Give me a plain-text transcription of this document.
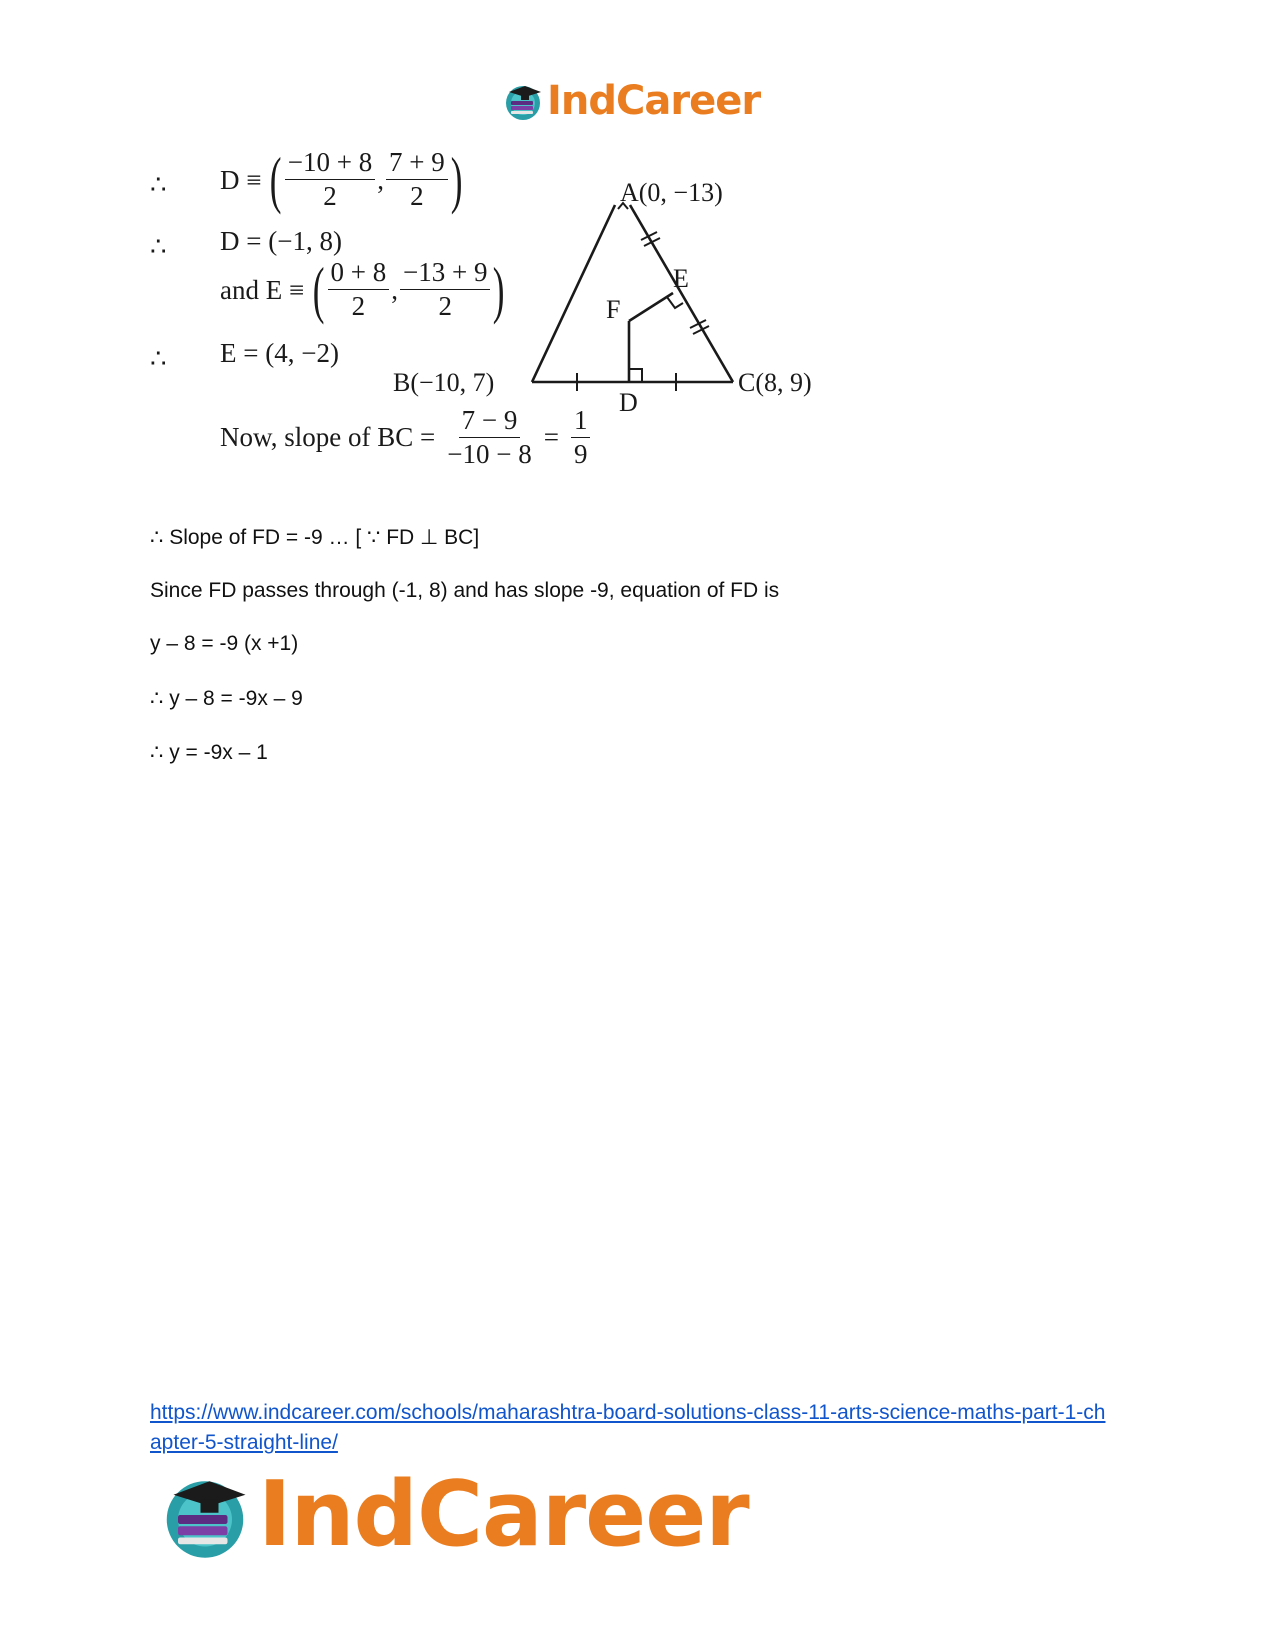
IndCareer
∴ D ≡ ( $\frac{-10 + 8}{2}$ , $\frac{7 + 9}{2}$ )
∴ D = (−1, 8)
and E ≡ ( $\frac{0 + 8}{2}$ , $\frac{-13 + 9}{2}$ )
∴ E = (4, −2)
Now, slope of BC = $\frac{7 - 9}{-10 - 8} = \frac{1}{9}$
A(0, −13)
B(−10, 7)	C(8, 9)
D
E
F
∴ Slope of FD = -9 … [ ∵ FD ⊥ BC]
Since FD passes through (-1, 8) and has slope -9, equation of FD is
y – 8 = -9 (x +1)
∴ y – 8 = -9x – 9
∴ y = -9x – 1
https://www.indcareer.com/schools/maharashtra-board-solutions-class-11-arts-science-maths-part-1-chapter-5-straight-line/
IndCareer
